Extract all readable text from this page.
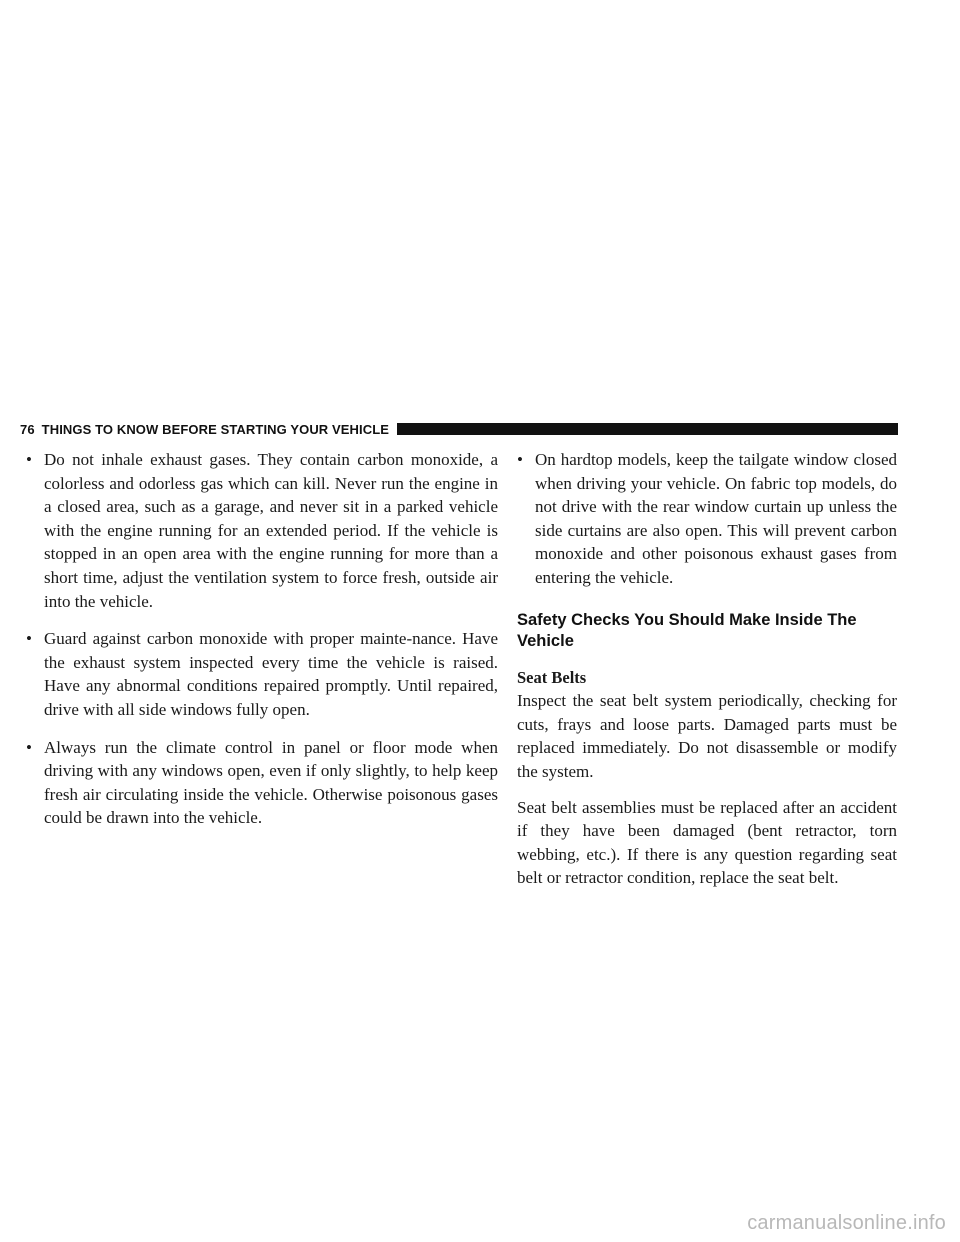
76 THINGS TO KNOW BEFORE STARTING YOUR VEHICLE

• Do not inhale exhaust gases. They contain carbon monoxide, a colorless and odorless gas which can kill. Never run the engine in a closed area, such as a garage, and never sit in a parked vehicle with the engine running for an extended period. If the vehicle is stopped in an open area with the engine running for more than a short time, adjust the ventilation system to force fresh, outside air into the vehicle.

• Guard against carbon monoxide with proper mainte-nance. Have the exhaust system inspected every time the vehicle is raised. Have any abnormal conditions repaired promptly. Until repaired, drive with all side windows fully open.

• Always run the climate control in panel or floor mode when driving with any windows open, even if only slightly, to help keep fresh air circulating inside the vehicle. Otherwise poisonous gases could be drawn into the vehicle.

• On hardtop models, keep the tailgate window closed when driving your vehicle. On fabric top models, do not drive with the rear window curtain up unless the side curtains are also open. This will prevent carbon monoxide and other poisonous exhaust gases from entering the vehicle.

Safety Checks You Should Make Inside The Vehicle
Seat Belts

Inspect the seat belt system periodically, checking for cuts, frays and loose parts. Damaged parts must be replaced immediately. Do not disassemble or modify the system.

Seat belt assemblies must be replaced after an accident if they have been damaged (bent retractor, torn webbing, etc.). If there is any question regarding seat belt or retractor condition, replace the seat belt.

carmanualsonline.info
